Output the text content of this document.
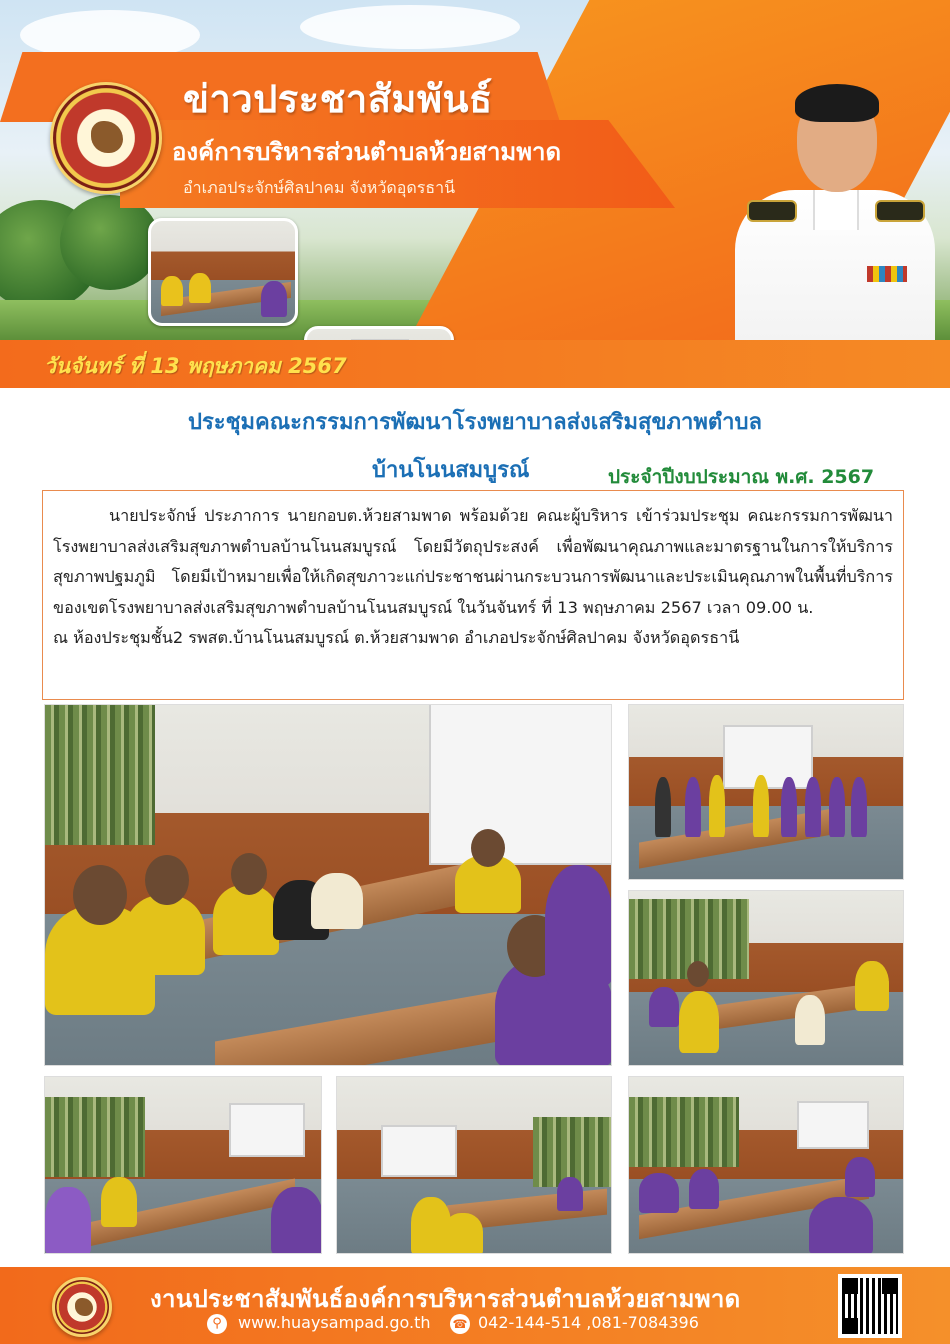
ข่าวประชาสัมพันธ์
องค์การบริหารส่วนตำบลห้วยสามพาด
อำเภอประจักษ์ศิลปาคม จังหวัดอุดรธานี
วันจันทร์ ที่ 13 พฤษภาคม 2567
ประชุมคณะกรรมการพัฒนาโรงพยาบาลส่งเสริมสุขภาพตำบล
บ้านโนนสมบูรณ์	ประจำปีงบประมาณ พ.ศ. 2567

นายประจักษ์ ประภาการ นายกอบต.ห้วยสามพาด พร้อมด้วย คณะผู้บริหาร เข้าร่วมประชุม คณะกรรมการพัฒนาโรงพยาบาลส่งเสริมสุขภาพตำบลบ้านโนนสมบูรณ์ โดยมีวัตถุประสงค์ เพื่อพัฒนาคุณภาพและมาตรฐานในการให้บริการสุขภาพปฐมภูมิ โดยมีเป้าหมายเพื่อให้เกิดสุขภาวะแก่ประชาชนผ่านกระบวนการพัฒนาและประเมินคุณภาพในพื้นที่บริการของเขตโรงพยาบาลส่งเสริมสุขภาพตำบลบ้านโนนสมบูรณ์ ในวันจันทร์ ที่ 13 พฤษภาคม 2567 เวลา 09.00 น.

ณ ห้องประชุมชั้น2 รพสต.บ้านโนนสมบูรณ์ ต.ห้วยสามพาด อำเภอประจักษ์ศิลปาคม จังหวัดอุดรธานี

งานประชาสัมพันธ์องค์การบริหารส่วนตำบลห้วยสามพาด
⚲	www.huaysampad.go.th ☎ 042-144-514 ,081-7084396
